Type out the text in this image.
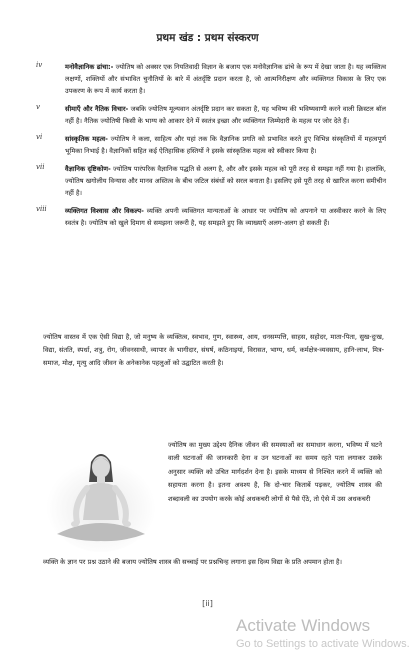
प्रथम खंड : प्रथम संस्करण
iv	मनोवैज्ञानिक ढांचा:- ज्योतिष को अक्सर एक नियतिवादी विज्ञान के बजाय एक मनोवैज्ञानिक ढांचे के रूप में देखा जाता है। यह व्यक्तित्व लक्षणों, शक्तियों और संभावित चुनौतियों के बारे में अंतर्दृष्टि प्रदान करता है, जो आत्मनिरीक्षण और व्यक्तिगत विकास के लिए एक उपकरण के रूप में कार्य करता है।
v	सीमाएँ और नैतिक विचार- जबकि ज्योतिष मूल्यवान अंतर्दृष्टि प्रदान कर सकता है, यह भविष्य की भविष्यवाणी करने वाली क्रिस्टल बॉल नहीं है। नैतिक ज्योतिषी किसी के भाग्य को आकार देने में स्वतंत्र इच्छा और व्यक्तिगत जिम्मेदारी के महत्व पर जोर देते हैं।
vi	सांस्कृतिक महत्व- ज्योतिष ने कला, साहित्य और यहां तक कि वैज्ञानिक प्रगति को प्रभावित करते हुए विभिन्न संस्कृतियों में महत्वपूर्ण भूमिका निभाई है। वैज्ञानिकों सहित कई ऐतिहासिक हस्तियों ने इसके सांस्कृतिक महत्व को स्वीकार किया है।
vii	वैज्ञानिक दृष्टिकोण- ज्योतिष पारंपरिक वैज्ञानिक पद्धति से अलग है, और और इसके महत्व को पूरी तरह से समझा नहीं गया है। हालांकि, ज्योतिष खगोलीय विन्यास और मानव अस्तित्व के बीच जटिल संबंधों को सरल बनाता है। इसलिए इसे पूरी तरह से खारिज करना समीचीन नहीं है।
viii	व्यक्तिगत विश्वास और विकल्प- व्यक्ति अपनी व्यक्तिगत मान्यताओं के आधार पर ज्योतिष को अपनाने या अस्वीकार करने के लिए स्वतंत्र है। ज्योतिष को खुले दिमाग से समझना जरूरी है, यह समझते हुए कि व्याख्याएँ अलग-अलग हो सकती हैं।
ज्योतिष वास्तव में एक ऐसी विद्या है, जो मनुष्य के व्यक्तित्व, स्वभाव, गुण, स्वास्थ्य, आय, धनसम्पत्ति, साहस, सहोदर, माता-पिता, सुख-दुःख, विद्या, संतति, स्पर्धा, शत्रु, रोग, जीवनसाथी, व्यापार के भागीदार, संघर्ष, कठिनाइयां, विरासत, भाग्य, धर्म, कर्मक्षेत्र-व्यवसाय, हानि-लाभ, मित्र-समाज, मोक्ष, मृत्यु आदि जीवन के अनेकानेक पहलुओं को उद्घाटित करती है।
ज्योतिष का मुख्य उद्देश्य दैनिक जीवन की समस्याओं का समाधान करना, भविष्य में घटने वाली घटनाओं की जानकारी देना व उन घटनाओं का समय रहते पता लगाकर उसके अनुसार व्यक्ति को उचित मार्गदर्शन देना है। इसके माध्यम से निश्चित करने में व्यक्ति को सहायता करना है। इतना अवश्य है, कि दो-चार किताबें पढ़कर, ज्योतिष शास्त्र की शब्दावली का उपयोग करके कोई अधकचरी लोगों से पैसे ऐंठे, तो ऐसे में उस अधकचरी
व्यक्ति के ज्ञान पर प्रश्न उठाने की बजाय ज्योतिष शास्त्र की सच्चाई पर प्रश्नचिन्ह लगाना इस दिव्य विद्या के प्रति अपमान होता है।
[ii]
Activate Windows
Go to Settings to activate Windows.
